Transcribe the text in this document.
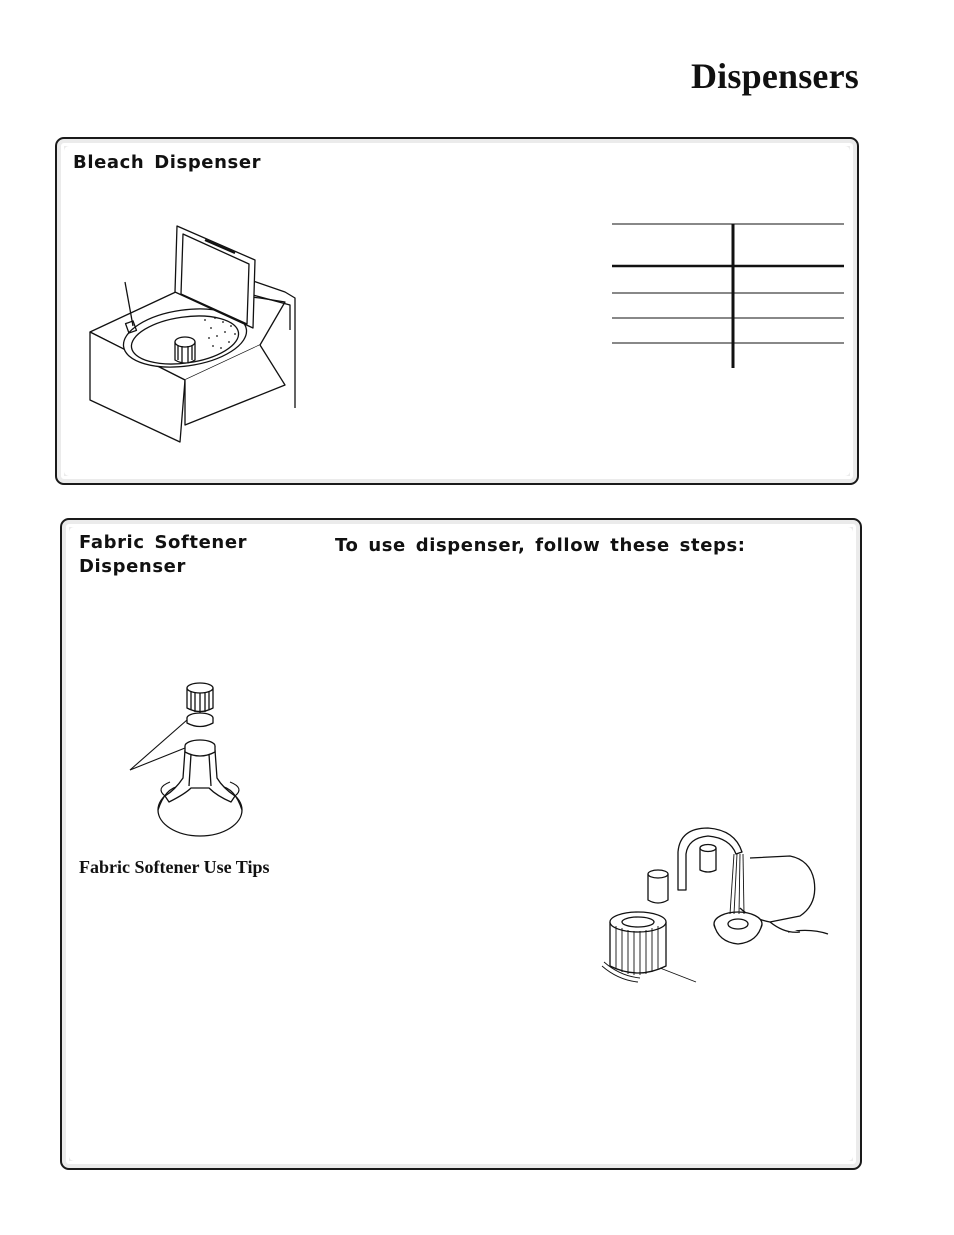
Dispensers
Bleach Dispenser
Fabric Softener
Dispenser
To use dispenser, follow these steps:
Fabric Softener Use Tips
